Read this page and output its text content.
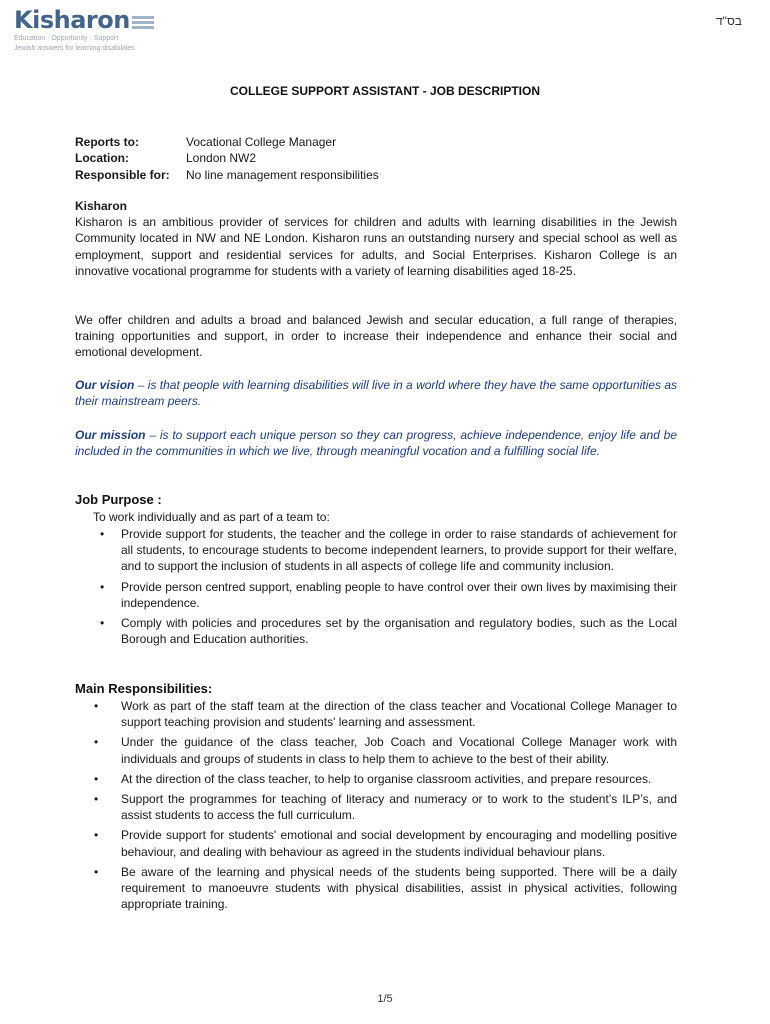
Kisharon
Education · Opportunity · Support
Jewish answers for learning disabilities
בס"ד
COLLEGE SUPPORT ASSISTANT - JOB DESCRIPTION
Reports to:	Vocational College Manager
Location:	London NW2
Responsible for:	No line management responsibilities
Kisharon
Kisharon is an ambitious provider of services for children and adults with learning disabilities in the Jewish Community located in NW and NE London. Kisharon runs an outstanding nursery and special school as well as employment, support and residential services for adults, and Social Enterprises. Kisharon College is an innovative vocational programme for students with a variety of learning disabilities aged 18-25.
We offer children and adults a broad and balanced Jewish and secular education, a full range of therapies, training opportunities and support, in order to increase their independence and enhance their social and emotional development.
Our vision – is that people with learning disabilities will live in a world where they have the same opportunities as their mainstream peers.
Our mission – is to support each unique person so they can progress, achieve independence, enjoy life and be included in the communities in which we live, through meaningful vocation and a fulfilling social life.
Job Purpose :
To work individually and as part of a team to:
• Provide support for students, the teacher and the college in order to raise standards of achievement for all students, to encourage students to become independent learners, to provide support for their welfare, and to support the inclusion of students in all aspects of college life and community inclusion.
• Provide person centred support, enabling people to have control over their own lives by maximising their independence.
• Comply with policies and procedures set by the organisation and regulatory bodies, such as the Local Borough and Education authorities.
Main Responsibilities:
• Work as part of the staff team at the direction of the class teacher and Vocational College Manager to support teaching provision and students' learning and assessment.
• Under the guidance of the class teacher, Job Coach and Vocational College Manager work with individuals and groups of students in class to help them to achieve to the best of their ability.
• At the direction of the class teacher, to help to organise classroom activities, and prepare resources.
• Support the programmes for teaching of literacy and numeracy or to work to the student’s ILP’s, and assist students to access the full curriculum.
• Provide support for students' emotional and social development by encouraging and modelling positive behaviour, and dealing with behaviour as agreed in the students individual behaviour plans.
• Be aware of the learning and physical needs of the students being supported. There will be a daily requirement to manoeuvre students with physical disabilities, assist in physical activities, following appropriate training.
1/5
